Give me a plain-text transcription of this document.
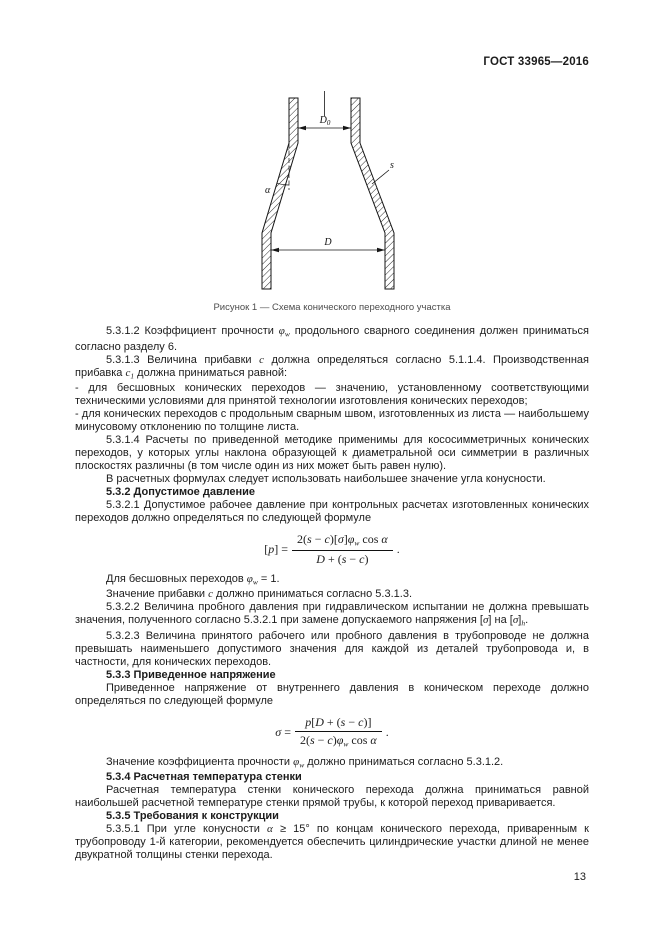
ГОСТ 33965—2016
$D_0$
D
α
s
Рисунок 1 — Схема конического переходного участка
5.3.1.2 Коэффициент прочности $\varphi_w$ продольного сварного соединения должен приниматься согласно разделу 6.
5.3.1.3 Величина прибавки c должна определяться согласно 5.1.1.4. Производственная прибавка $c_1$ должна приниматься равной:
- для бесшовных конических переходов — значению, установленному соответствующими техническими условиями для принятой технологии изготовления конических переходов;
- для конических переходов с продольным сварным швом, изготовленных из листа — наибольшему минусовому отклонению по толщине листа.
5.3.1.4 Расчеты по приведенной методике применимы для кососимметричных конических переходов, у которых углы наклона образующей к диаметральной оси симметрии в различных плоскостях различны (в том числе один из них может быть равен нулю).
В расчетных формулах следует использовать наибольшее значение угла конусности.
5.3.2 Допустимое давление
5.3.2.1 Допустимое рабочее давление при контрольных расчетах изготовленных конических переходов должно определяться по следующей формуле
$[p] = \frac{2(s - c)[\sigma]\varphi_w \cos \alpha}{D + (s - c)}$ .
Для бесшовных переходов $\varphi_w = 1$.
Значение прибавки c должно приниматься согласно 5.3.1.3.
5.3.2.2 Величина пробного давления при гидравлическом испытании не должна превышать значения, полученного согласно 5.3.2.1 при замене допускаемого напряжения [σ] на $[\sigma]_h$.
5.3.2.3 Величина принятого рабочего или пробного давления в трубопроводе не должна превышать наименьшего допустимого значения для каждой из деталей трубопровода и, в частности, для конических переходов.
5.3.3 Приведенное напряжение
Приведенное напряжение от внутреннего давления в коническом переходе должно определяться по следующей формуле
$\sigma = \frac{p[D + (s - c)]}{2(s - c)\varphi_w \cos \alpha}$ .
Значение коэффициента прочности $\varphi_w$ должно приниматься согласно 5.3.1.2.
5.3.4 Расчетная температура стенки
Расчетная температура стенки конического перехода должна приниматься равной наибольшей расчетной температуре стенки прямой трубы, к которой переход приваривается.
5.3.5 Требования к конструкции
5.3.5.1 При угле конусности α ≥ 15° по концам конического перехода, приваренным к трубопроводу 1-й категории, рекомендуется обеспечить цилиндрические участки длиной не менее двукратной толщины стенки перехода.
13
